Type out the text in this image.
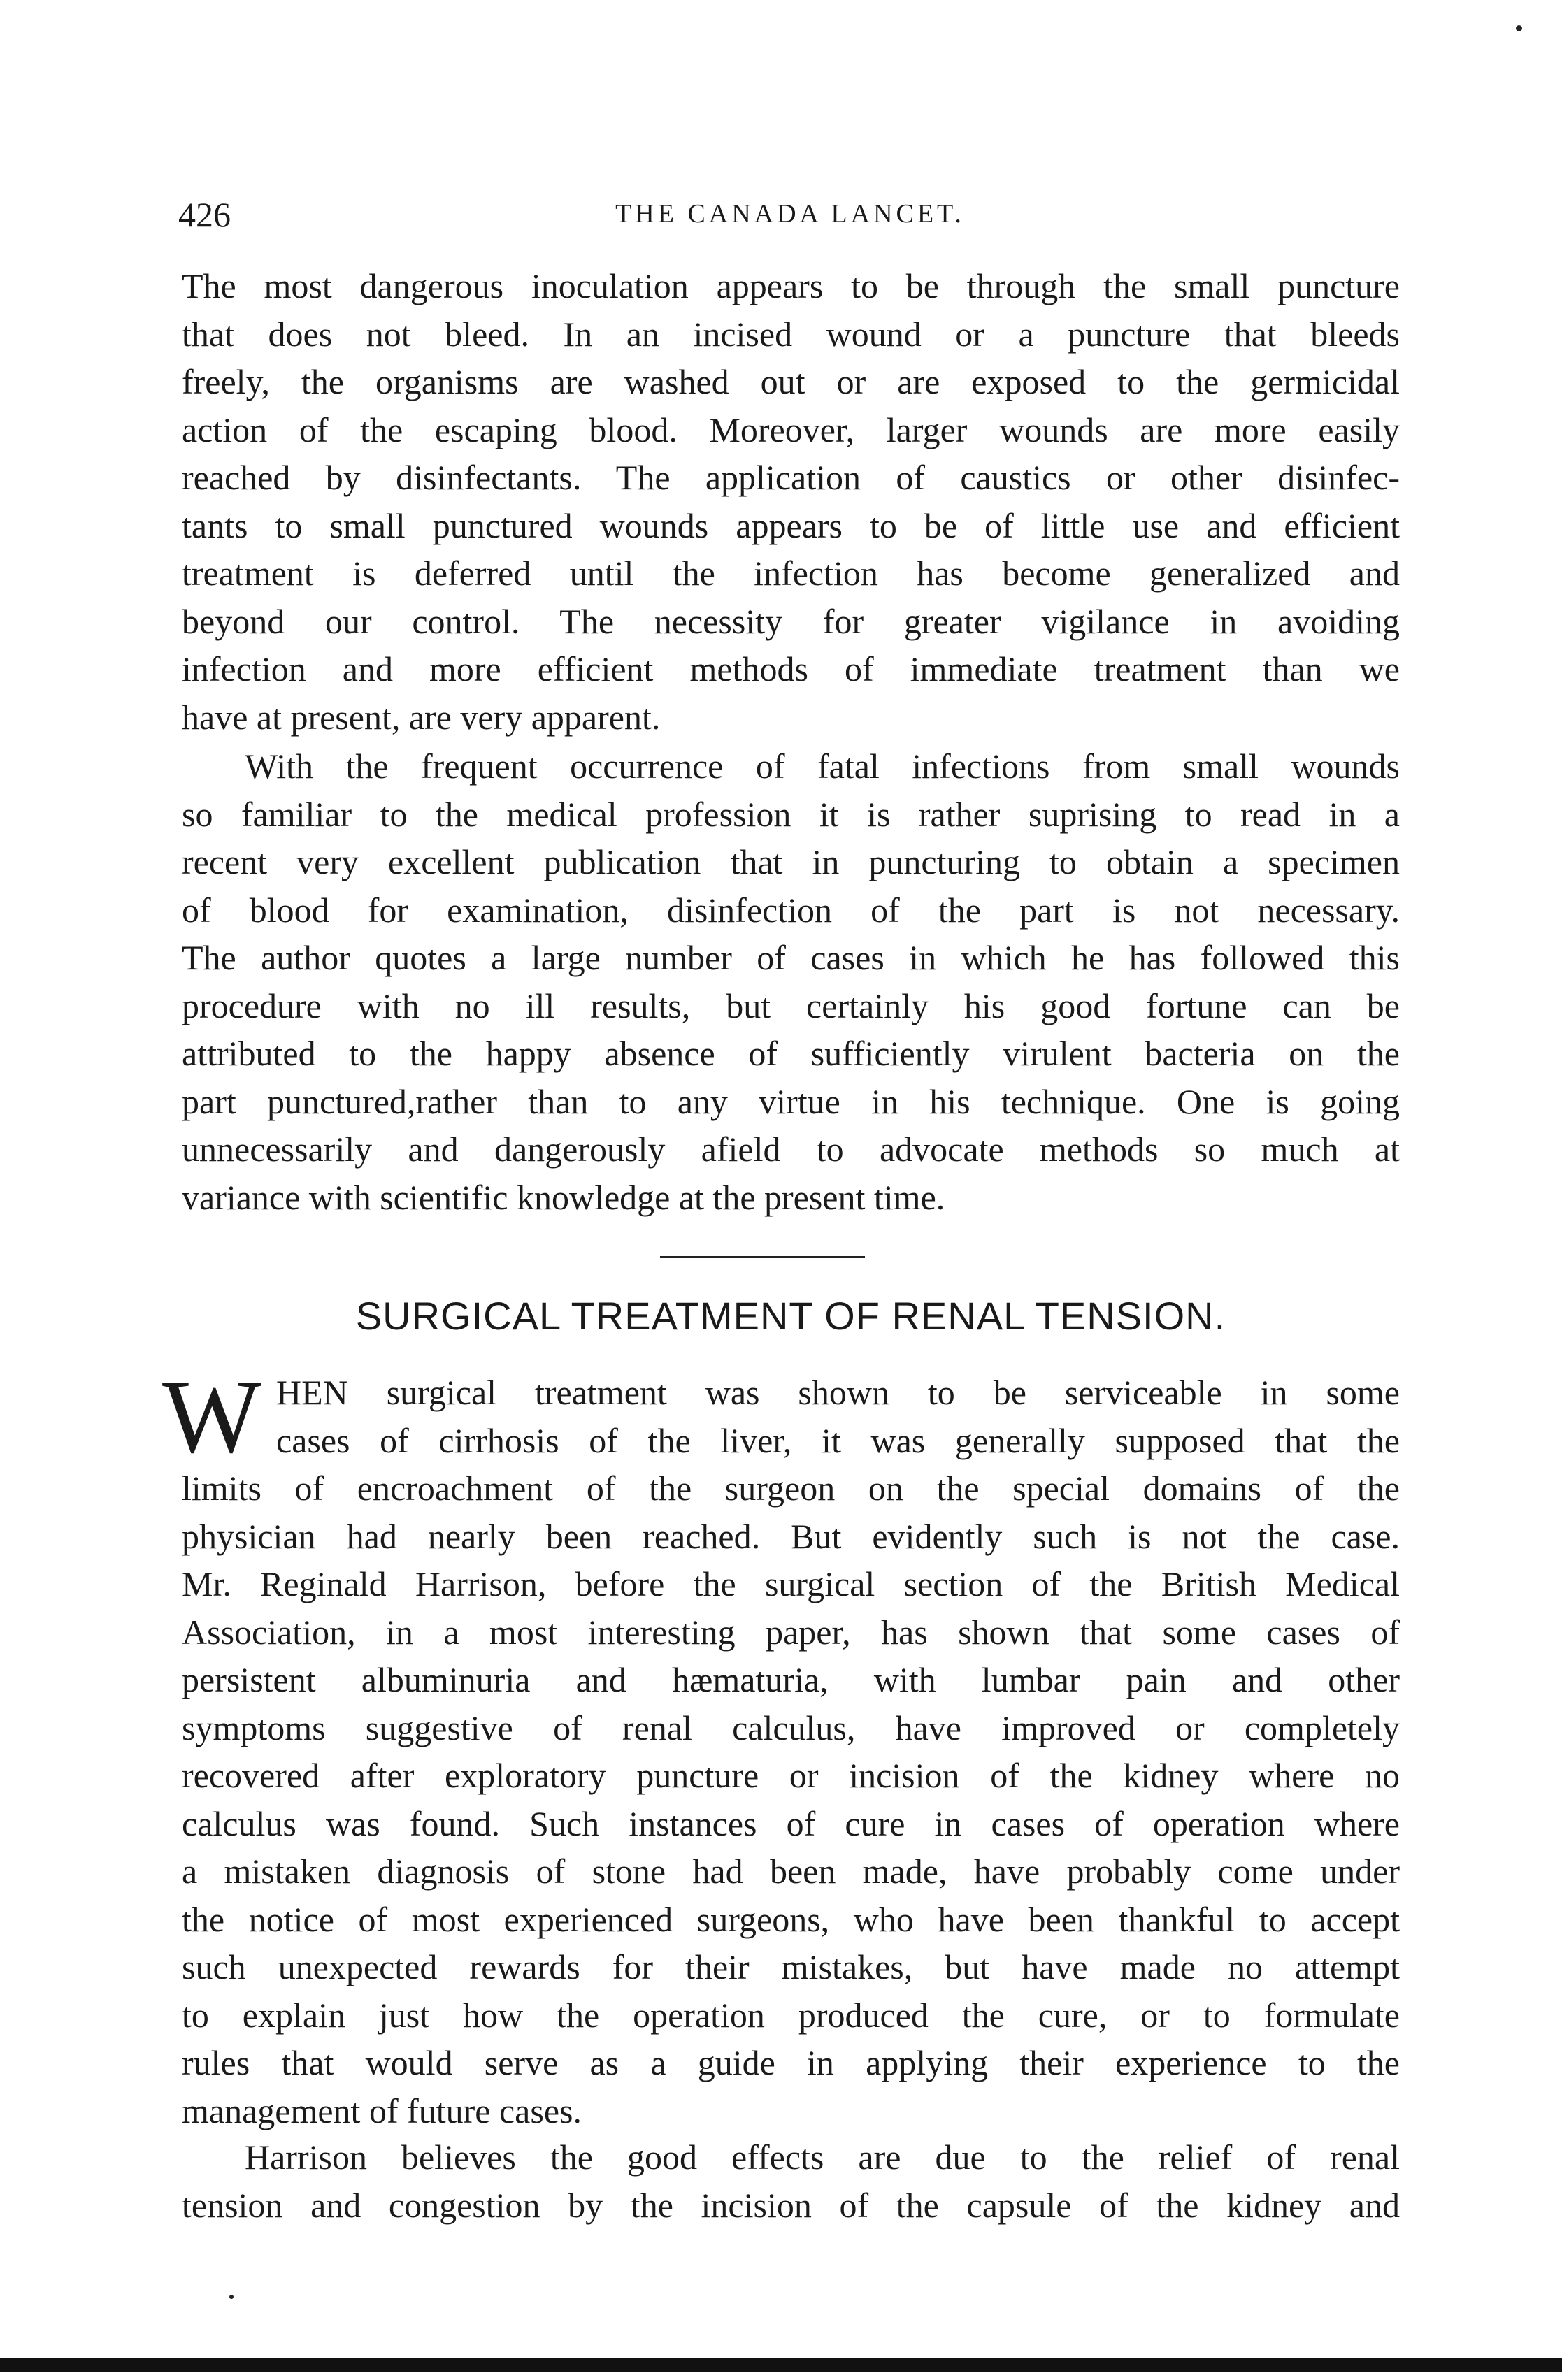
426	THE CANADA LANCET.
The most dangerous inoculation appears to be through the small puncture
that does not bleed. In an incised wound or a puncture that bleeds
freely, the organisms are washed out or are exposed to the germicidal
action of the escaping blood. Moreover, larger wounds are more easily
reached by disinfectants. The application of caustics or other disinfec-
tants to small punctured wounds appears to be of little use and efficient
treatment is deferred until the infection has become generalized and
beyond our control. The necessity for greater vigilance in avoiding
infection and more efficient methods of immediate treatment than we
have at present, are very apparent.
With the frequent occurrence of fatal infections from small wounds
so familiar to the medical profession it is rather suprising to read in a
recent very excellent publication that in puncturing to obtain a specimen
of blood for examination, disinfection of the part is not necessary.
The author quotes a large number of cases in which he has followed this
procedure with no ill results, but certainly his good fortune can be
attributed to the happy absence of sufficiently virulent bacteria on the
part punctured,rather than to any virtue in his technique. One is going
unnecessarily and dangerously afield to advocate methods so much at
variance with scientific knowledge at the present time.
SURGICAL TREATMENT OF RENAL TENSION.
W HEN surgical treatment was shown to be serviceable in some
cases of cirrhosis of the liver, it was generally supposed that the
limits of encroachment of the surgeon on the special domains of the
physician had nearly been reached. But evidently such is not the case.
Mr. Reginald Harrison, before the surgical section of the British Medical
Association, in a most interesting paper, has shown that some cases of
persistent albuminuria and hæmaturia, with lumbar pain and other
symptoms suggestive of renal calculus, have improved or completely
recovered after exploratory puncture or incision of the kidney where no
calculus was found. Such instances of cure in cases of operation where
a mistaken diagnosis of stone had been made, have probably come under
the notice of most experienced surgeons, who have been thankful to accept
such unexpected rewards for their mistakes, but have made no attempt
to explain just how the operation produced the cure, or to formulate
rules that would serve as a guide in applying their experience to the
management of future cases.
Harrison believes the good effects are due to the relief of renal
tension and congestion by the incision of the capsule of the kidney and
